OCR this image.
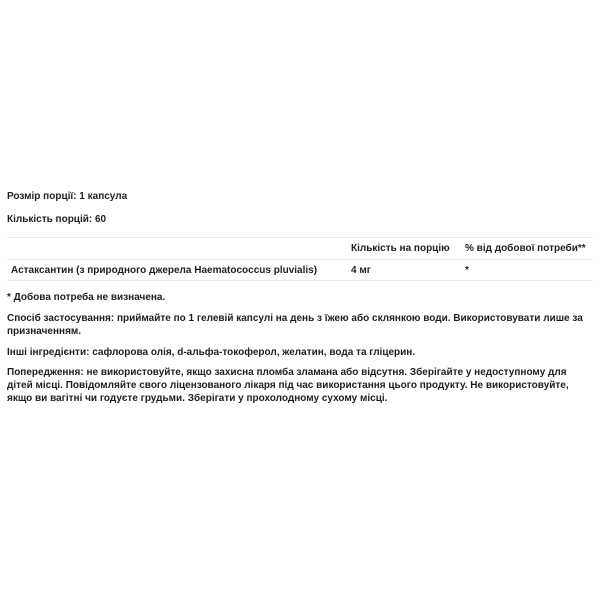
Розмір порції: 1 капсула

Кількість порцій: 60

	Кількість на порцію	% від добової потреби**
Астаксантин (з природного джерела Haematococcus pluvialis)	4 мг	*

* Добова потреба не визначена.

Спосіб застосування: приймайте по 1 гелевій капсулі на день з їжею або склянкою води. Використовувати лише за призначенням.

Інші інгредієнти: сафлорова олія, d-альфа-токоферол, желатин, вода та гліцерин.

Попередження: не використовуйте, якщо захисна пломба зламана або відсутня. Зберігайте у недоступному для дітей місці. Повідомляйте свого ліцензованого лікаря під час використання цього продукту. Не використовуйте, якщо ви вагітні чи годуєте грудьми. Зберігати у прохолодному сухому місці.
